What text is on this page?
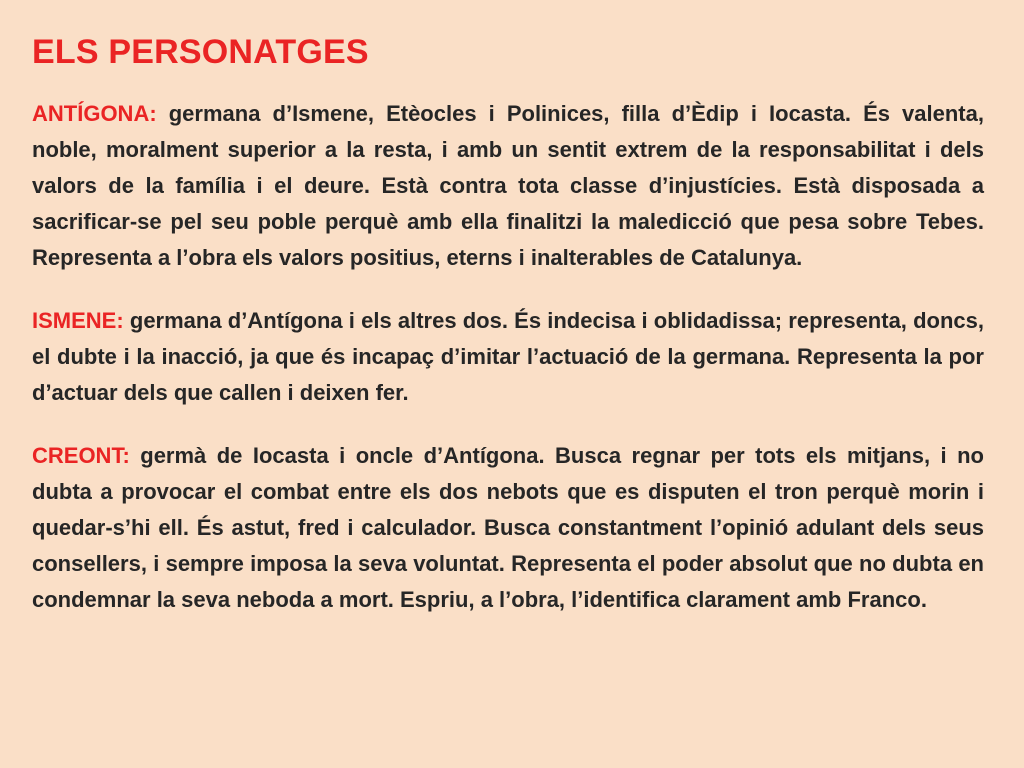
ELS PERSONATGES

ANTÍGONA: germana d’Ismene, Etèocles i Polinices, filla d’Èdip i Iocasta. És valenta, noble, moralment superior a la resta, i amb un sentit extrem de la responsabilitat i dels valors de la família i el deure. Està contra tota classe d’injustícies. Està disposada a sacrificar-se pel seu poble perquè amb ella finalitzi la maledicció que pesa sobre Tebes. Representa a l’obra els valors positius, eterns i inalterables de Catalunya.

ISMENE: germana d’Antígona i els altres dos. És indecisa i oblidadissa; representa, doncs, el dubte i la inacció, ja que és incapaç d’imitar l’actuació de la germana. Representa la por d’actuar dels que callen i deixen fer.

CREONT: germà de Iocasta i oncle d’Antígona. Busca regnar per tots els mitjans, i no dubta a provocar el combat entre els dos nebots que es disputen el tron perquè morin i quedar-s’hi ell. És astut, fred i calculador. Busca constantment l’opinió adulant dels seus consellers, i sempre imposa la seva voluntat. Representa el poder absolut que no dubta en condemnar la seva neboda a mort. Espriu, a l’obra, l’identifica clarament amb Franco.
